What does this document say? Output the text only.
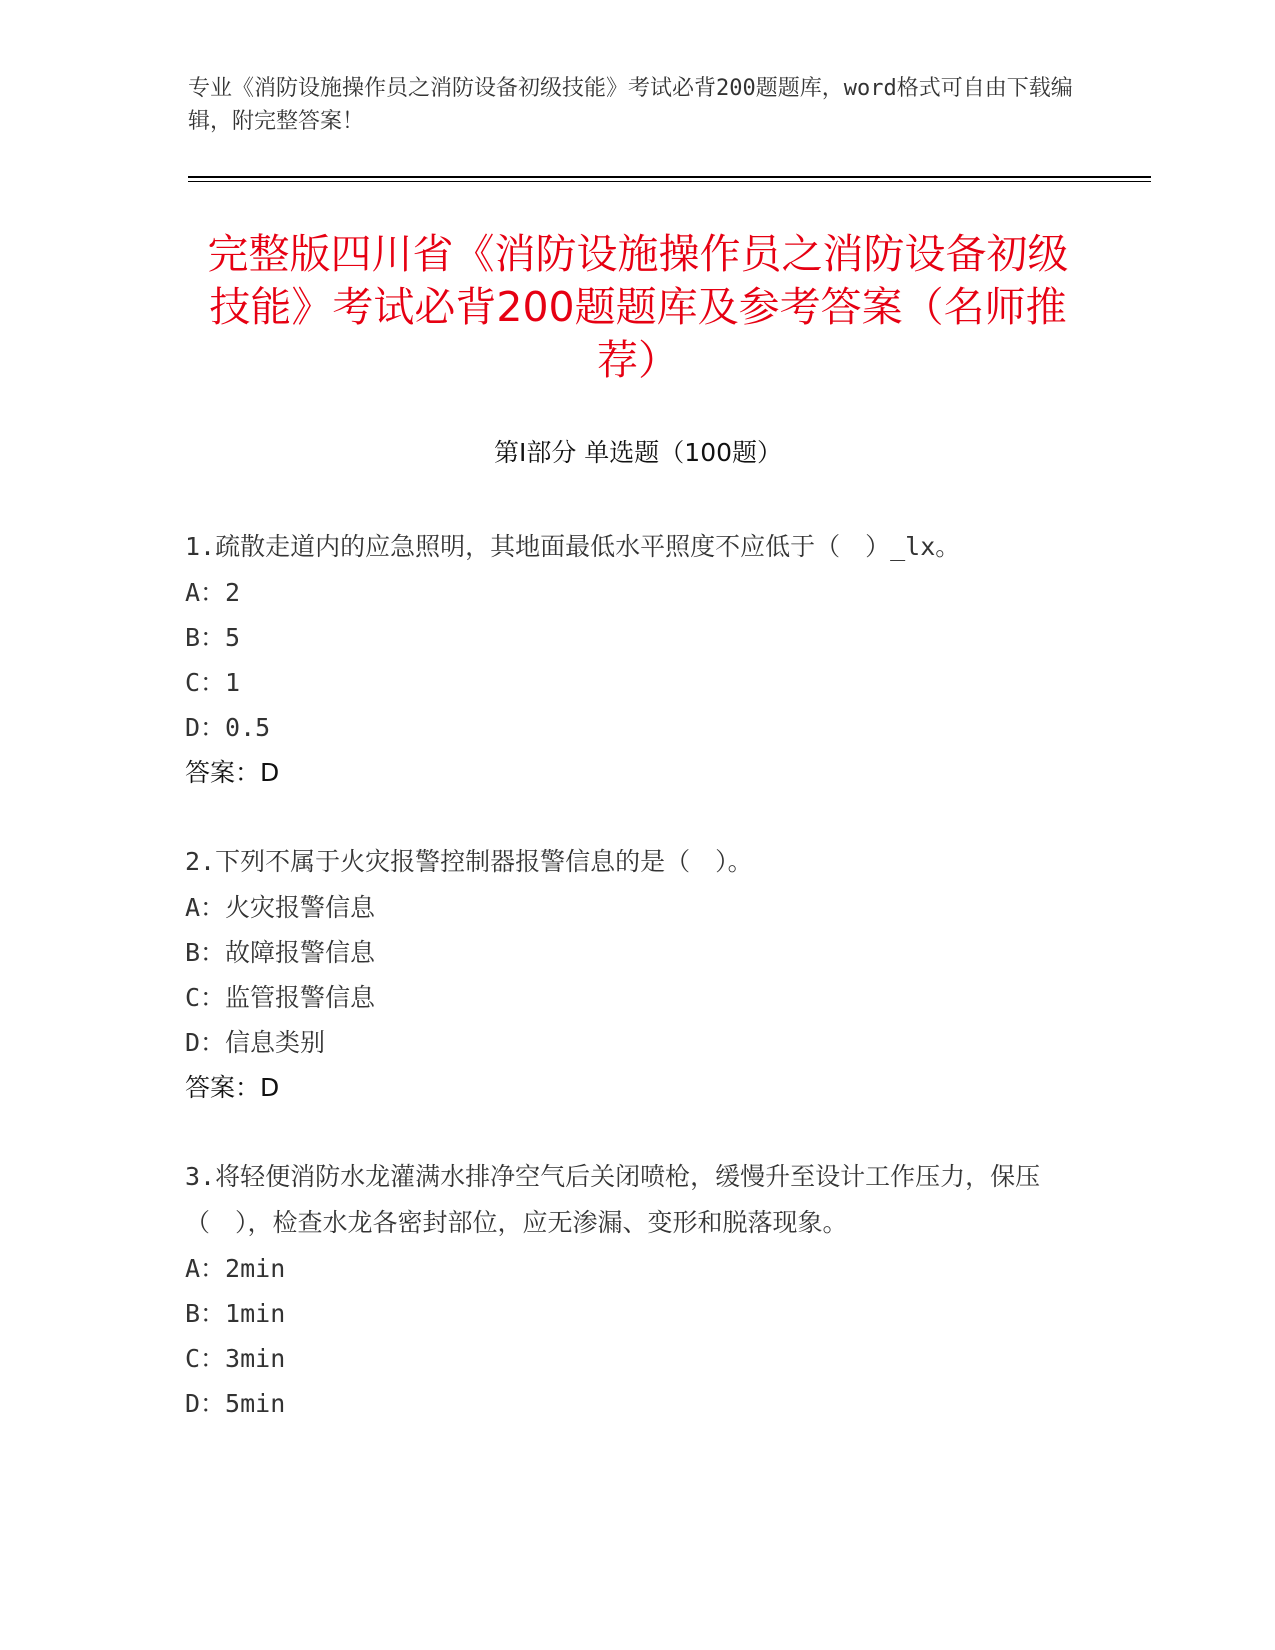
专业《消防设施操作员之消防设备初级技能》考试必背200题题库，word格式可自由下载编辑，附完整答案！
完整版四川省《消防设施操作员之消防设备初级技能》考试必背200题题库及参考答案（名师推荐）
第I部分 单选题（100题）
1.疏散走道内的应急照明，其地面最低水平照度不应低于（　）_lx。
A：2
B：5
C：1
D：0.5
答案：D
2.下列不属于火灾报警控制器报警信息的是（　）。
A：火灾报警信息
B：故障报警信息
C：监管报警信息
D：信息类别
答案：D
3.将轻便消防水龙灌满水排净空气后关闭喷枪，缓慢升至设计工作压力，保压（　），检查水龙各密封部位，应无渗漏、变形和脱落现象。
A：2min
B：1min
C：3min
D：5min
